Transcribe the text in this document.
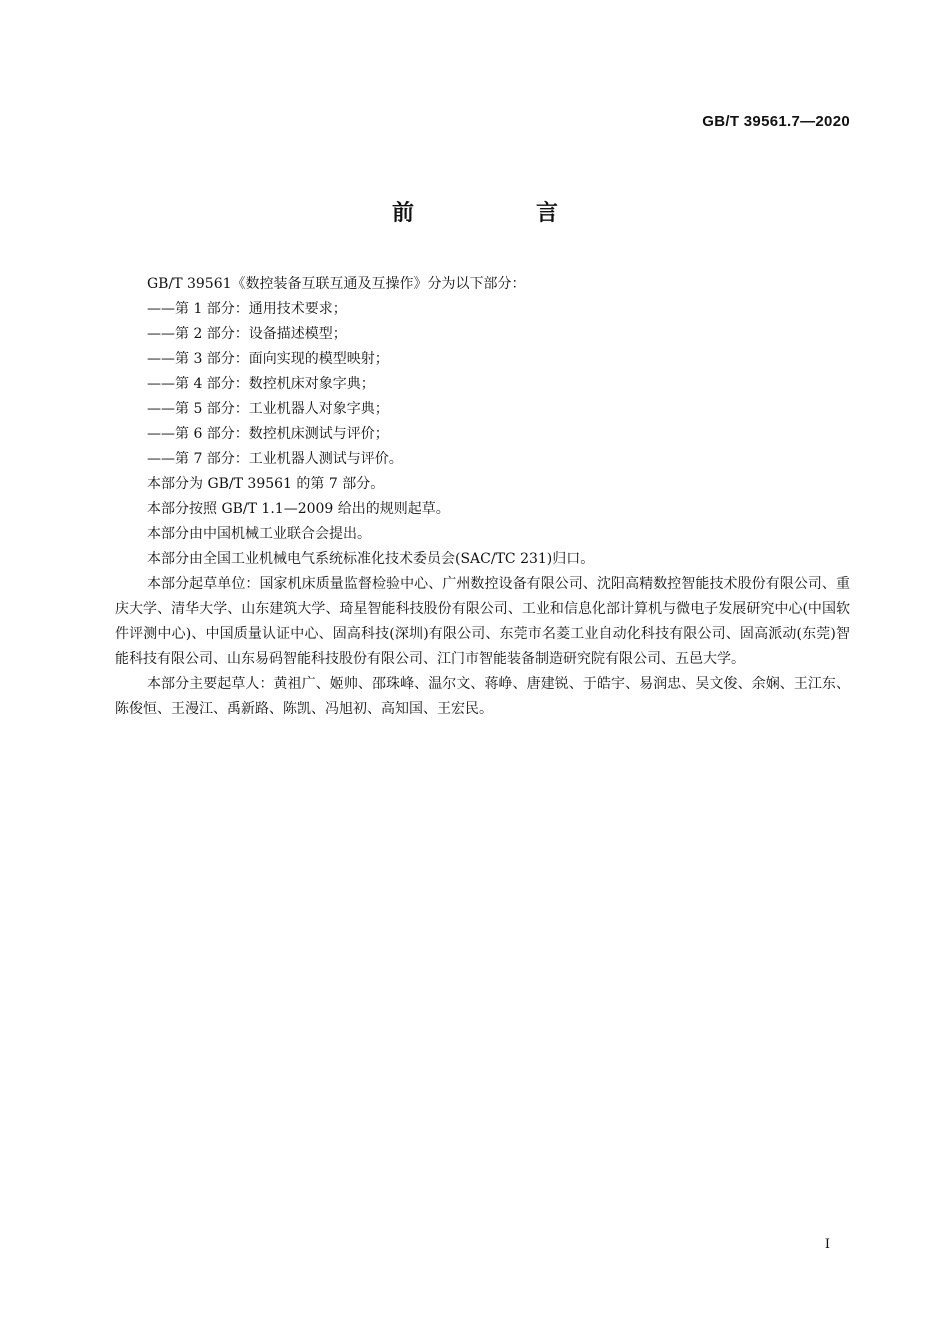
GB/T 39561.7—2020
前　言
GB/T 39561《数控装备互联互通及互操作》分为以下部分：
——第 1 部分：通用技术要求；
——第 2 部分：设备描述模型；
——第 3 部分：面向实现的模型映射；
——第 4 部分：数控机床对象字典；
——第 5 部分：工业机器人对象字典；
——第 6 部分：数控机床测试与评价；
——第 7 部分：工业机器人测试与评价。
本部分为 GB/T 39561 的第 7 部分。
本部分按照 GB/T 1.1—2009 给出的规则起草。
本部分由中国机械工业联合会提出。
本部分由全国工业机械电气系统标准化技术委员会(SAC/TC 231)归口。
本部分起草单位：国家机床质量监督检验中心、广州数控设备有限公司、沈阳高精数控智能技术股份有限公司、重庆大学、清华大学、山东建筑大学、琦星智能科技股份有限公司、工业和信息化部计算机与微电子发展研究中心(中国软件评测中心)、中国质量认证中心、固高科技(深圳)有限公司、东莞市名菱工业自动化科技有限公司、固高派动(东莞)智能科技有限公司、山东易码智能科技股份有限公司、江门市智能装备制造研究院有限公司、五邑大学。
本部分主要起草人：黄祖广、姬帅、邵珠峰、温尔文、蒋峥、唐建锐、于皓宇、易润忠、吴文俊、余娴、王江东、陈俊恒、王漫江、禹新路、陈凯、冯旭初、高知国、王宏民。
I
